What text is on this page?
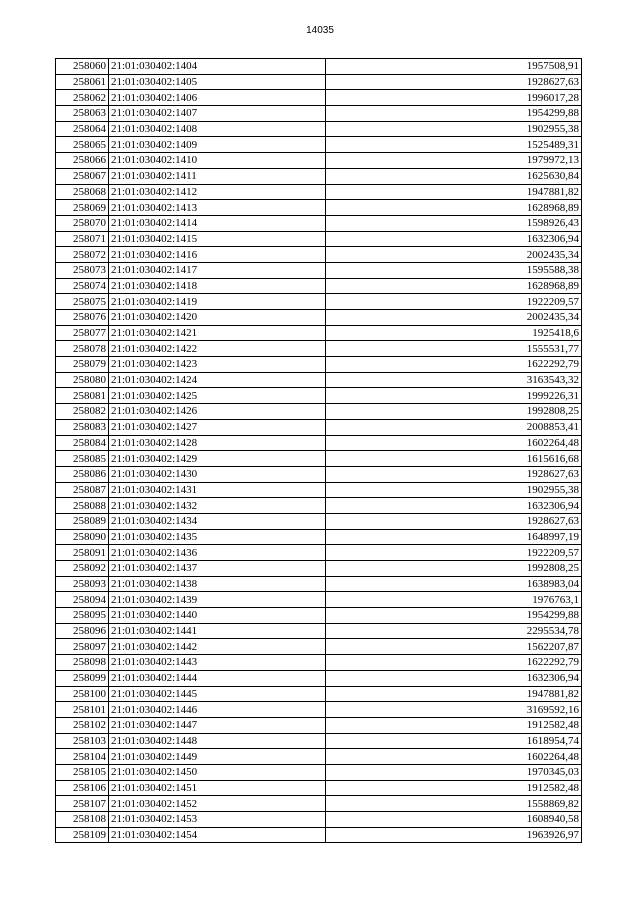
14035
258060	21:01:030402:1404	1957508,91
258061	21:01:030402:1405	1928627,63
258062	21:01:030402:1406	1996017,28
258063	21:01:030402:1407	1954299,88
258064	21:01:030402:1408	1902955,38
258065	21:01:030402:1409	1525489,31
258066	21:01:030402:1410	1979972,13
258067	21:01:030402:1411	1625630,84
258068	21:01:030402:1412	1947881,82
258069	21:01:030402:1413	1628968,89
258070	21:01:030402:1414	1598926,43
258071	21:01:030402:1415	1632306,94
258072	21:01:030402:1416	2002435,34
258073	21:01:030402:1417	1595588,38
258074	21:01:030402:1418	1628968,89
258075	21:01:030402:1419	1922209,57
258076	21:01:030402:1420	2002435,34
258077	21:01:030402:1421	1925418,6
258078	21:01:030402:1422	1555531,77
258079	21:01:030402:1423	1622292,79
258080	21:01:030402:1424	3163543,32
258081	21:01:030402:1425	1999226,31
258082	21:01:030402:1426	1992808,25
258083	21:01:030402:1427	2008853,41
258084	21:01:030402:1428	1602264,48
258085	21:01:030402:1429	1615616,68
258086	21:01:030402:1430	1928627,63
258087	21:01:030402:1431	1902955,38
258088	21:01:030402:1432	1632306,94
258089	21:01:030402:1434	1928627,63
258090	21:01:030402:1435	1648997,19
258091	21:01:030402:1436	1922209,57
258092	21:01:030402:1437	1992808,25
258093	21:01:030402:1438	1638983,04
258094	21:01:030402:1439	1976763,1
258095	21:01:030402:1440	1954299,88
258096	21:01:030402:1441	2295534,78
258097	21:01:030402:1442	1562207,87
258098	21:01:030402:1443	1622292,79
258099	21:01:030402:1444	1632306,94
258100	21:01:030402:1445	1947881,82
258101	21:01:030402:1446	3169592,16
258102	21:01:030402:1447	1912582,48
258103	21:01:030402:1448	1618954,74
258104	21:01:030402:1449	1602264,48
258105	21:01:030402:1450	1970345,03
258106	21:01:030402:1451	1912582,48
258107	21:01:030402:1452	1558869,82
258108	21:01:030402:1453	1608940,58
258109	21:01:030402:1454	1963926,97
